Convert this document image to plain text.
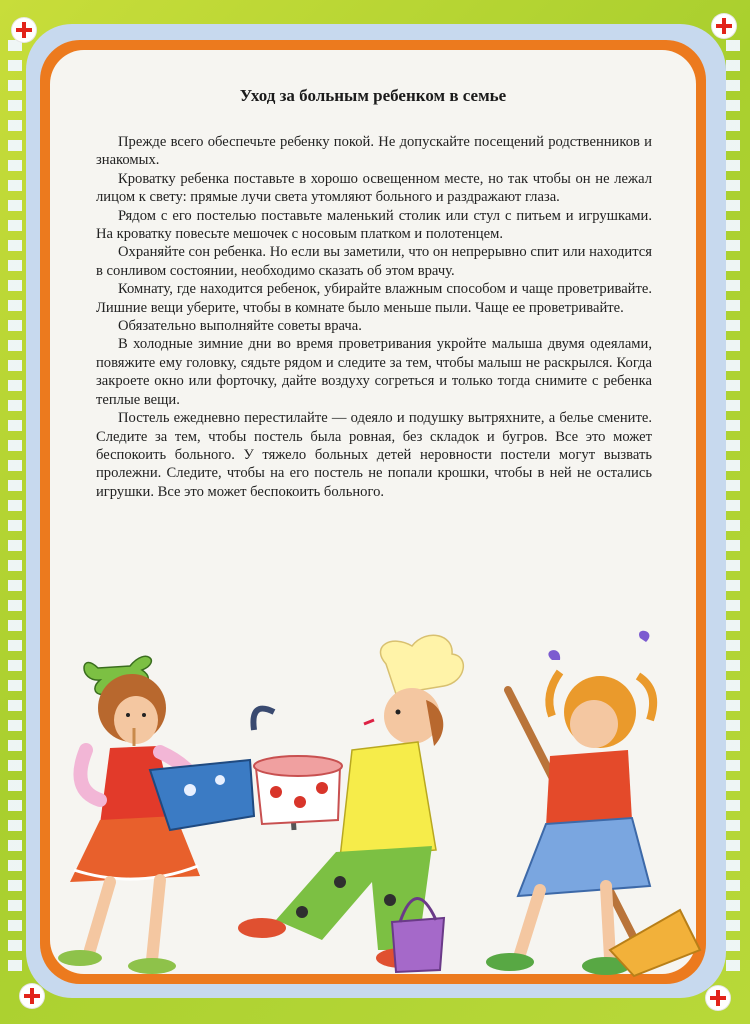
Уход за больным ребенком в семье

Прежде всего обеспечьте ребенку покой. Не допускайте посещений родственников и знакомых.

Кроватку ребенка поставьте в хорошо освещенном месте, но так чтобы он не лежал лицом к свету: прямые лучи света утомляют больного и раздражают глаза.

Рядом с его постелью поставьте маленький столик или стул с питьем и игрушками. На кроватку повесьте мешочек с носовым платком и полотенцем.

Охраняйте сон ребенка. Но если вы заметили, что он непрерывно спит или находится в сонливом состоянии, необходимо сказать об этом врачу.

Комнату, где находится ребенок, убирайте влажным способом и чаще проветривайте. Лишние вещи уберите, чтобы в комнате было меньше пыли. Чаще ее проветривайте.

Обязательно выполняйте советы врача.

В холодные зимние дни во время проветривания укройте малыша двумя одеялами, повяжите ему головку, сядьте рядом и следите за тем, чтобы малыш не раскрылся. Когда закроете окно или форточку, дайте воздуху согреться и только тогда снимите с ребенка теплые вещи.

Постель ежедневно перестилайте — одеяло и подушку вытряхните, а белье смените. Следите за тем, чтобы постель была ровная, без складок и бугров. Все это может беспокоить больного. У тяжело больных детей неровности постели могут вызвать пролежни. Следите, чтобы на его постель не попали крошки, чтобы в ней не остались игрушки. Все это может беспокоить больного.
